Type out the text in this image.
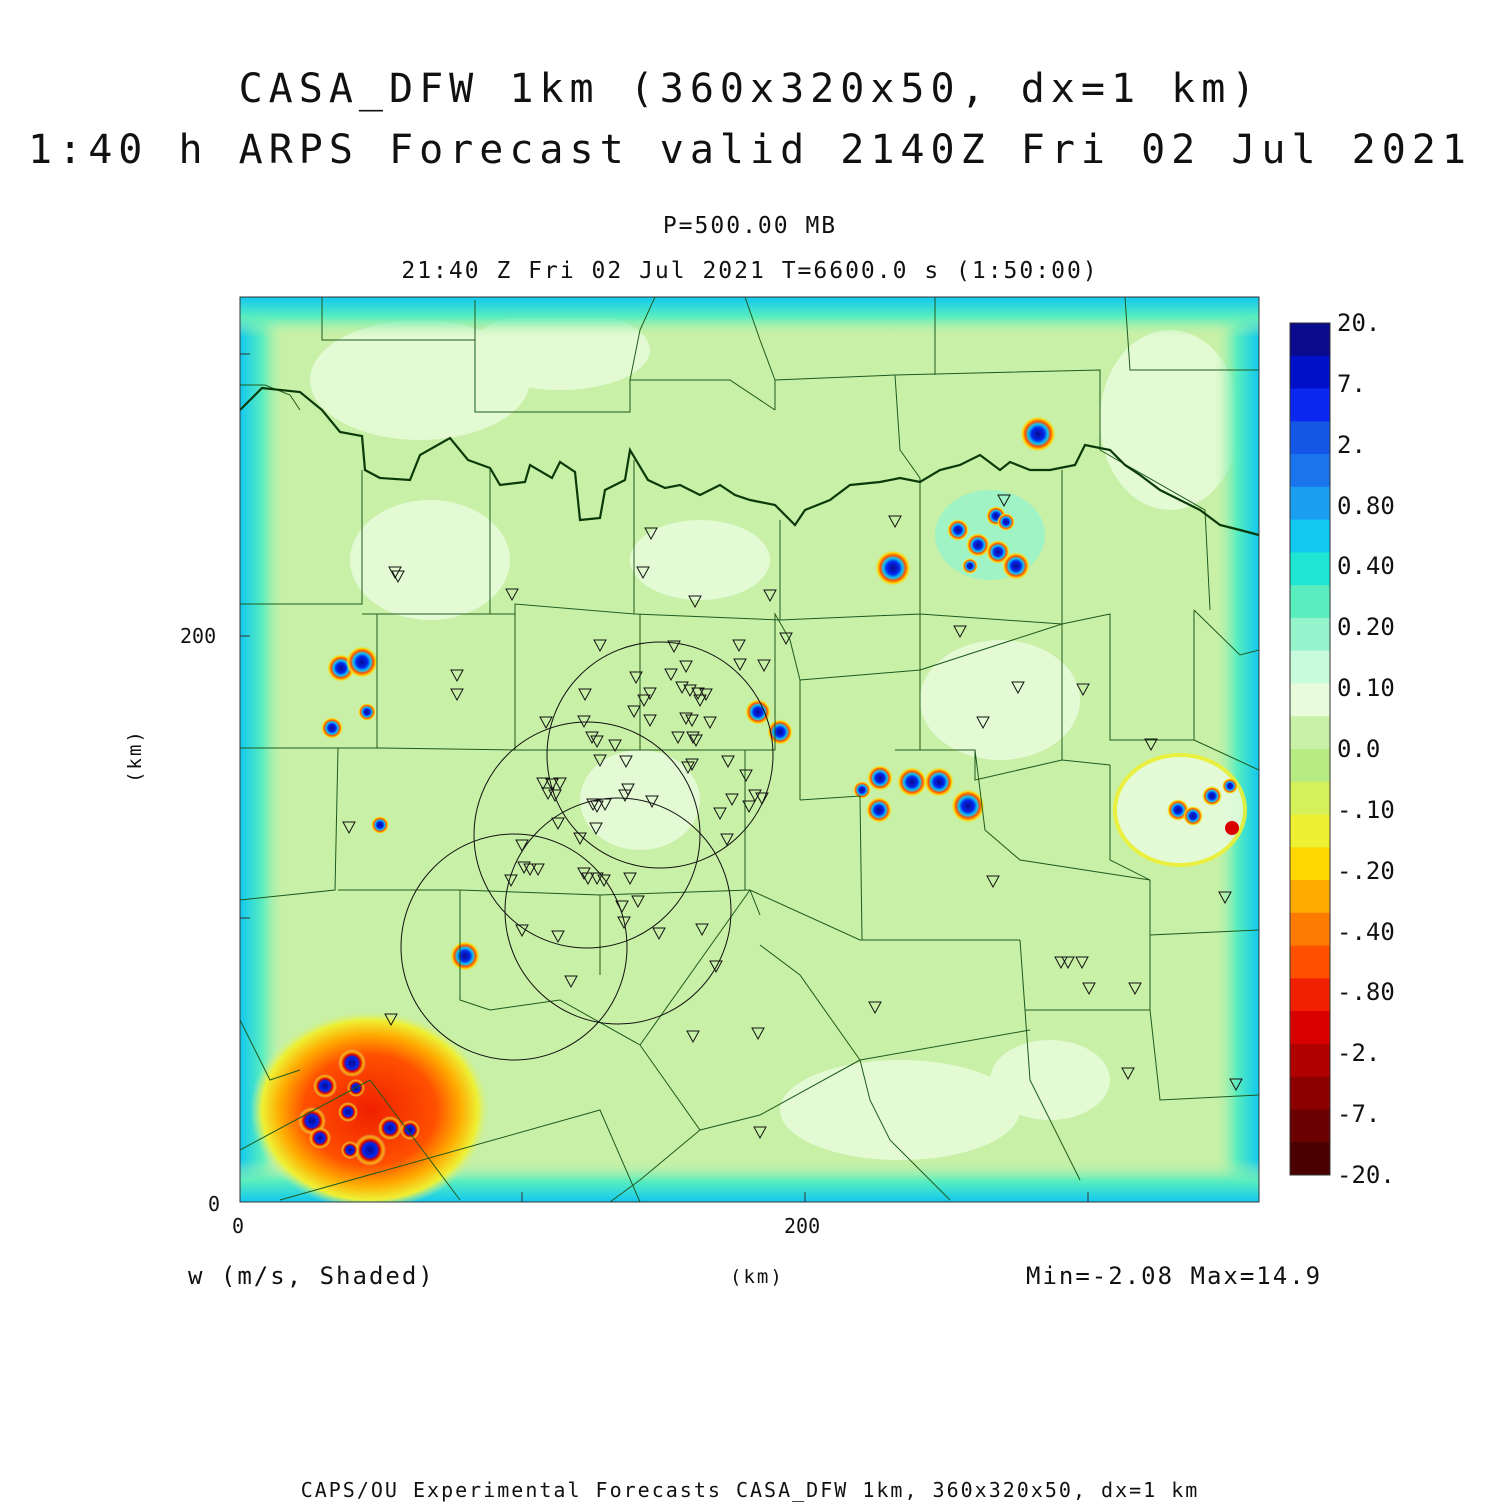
CASA_DFW 1km (360x320x50, dx=1 km)
1:40 h ARPS Forecast valid 2140Z Fri 02 Jul 2021
P=500.00 MB
21:40 Z Fri 02 Jul 2021 T=6600.0 s (1:50:00)
(km)
200
0
0	200
w (m/s, Shaded)	(km)	Min=-2.08 Max=14.9
20.
7.
2.
0.80
0.40
0.20
0.10
0.0
-.10
-.20
-.40
-.80
-2.
-7.
-20.
CAPS/OU Experimental Forecasts CASA_DFW 1km, 360x320x50, dx=1 km
